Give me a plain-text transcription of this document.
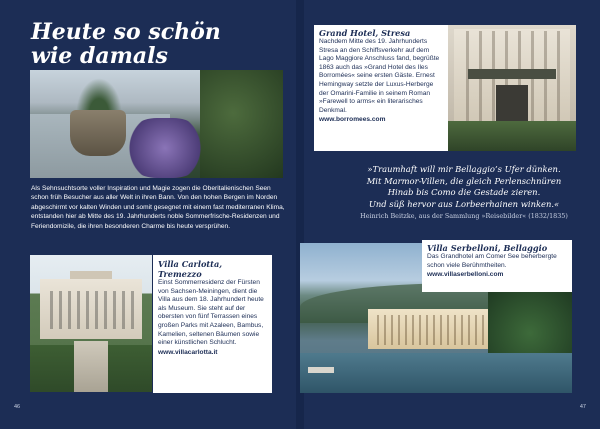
Heute so schön
wie damals
Als Sehnsuchtsorte voller Inspiration und Magie zogen die Oberitalienischen Seen schon früh Besucher aus aller Welt in ihren Bann. Von den hohen Bergen im Norden abgeschirmt vor kalten Winden und somit gesegnet mit einem fast mediterranen Klima, entstanden hier ab Mitte des 19. Jahrhunderts noble Sommerfrische-Residenzen und Feriendomizile, die ihren besonderen Charme bis heute versprühen.
Villa Carlotta,
Tremezzo
Einst Sommerresidenz der Fürsten von Sachsen-Meiningen, dient die Villa aus dem 18. Jahrhundert heute als Museum. Sie steht auf der obersten von fünf Terrassen eines großen Parks mit Azaleen, Bambus, Kamelien, seltenen Bäumen sowie einer künstlichen Schlucht.
www.villacarlotta.it
46
Grand Hotel, Stresa
Nachdem Mitte des 19. Jahrhunderts Stresa an den Schiffsverkehr auf dem Lago Maggiore Anschluss fand, begrüßte 1863 auch das »Grand Hotel des Iles Borromées« seine ersten Gäste. Ernest Hemingway setzte der Luxus-Herberge der Omarini-Familie in seinem Roman »Farewell to arms« ein literarisches Denkmal.
www.borromees.com
»Traumhaft will mir Bellaggio’s Ufer dünken.
Mit Marmor-Villen, die gleich Perlenschnüren
Hinab bis Como die Gestade zieren.
Und süß hervor aus Lorbeerhainen winken.«
Heinrich Beitzke, aus der Sammlung »Reisebilder« (1832/1835)
Villa Serbelloni, Bellaggio
Das Grandhotel am Comer See beherbergte schon viele Berühmtheiten.
www.villaserbelloni.com
47
